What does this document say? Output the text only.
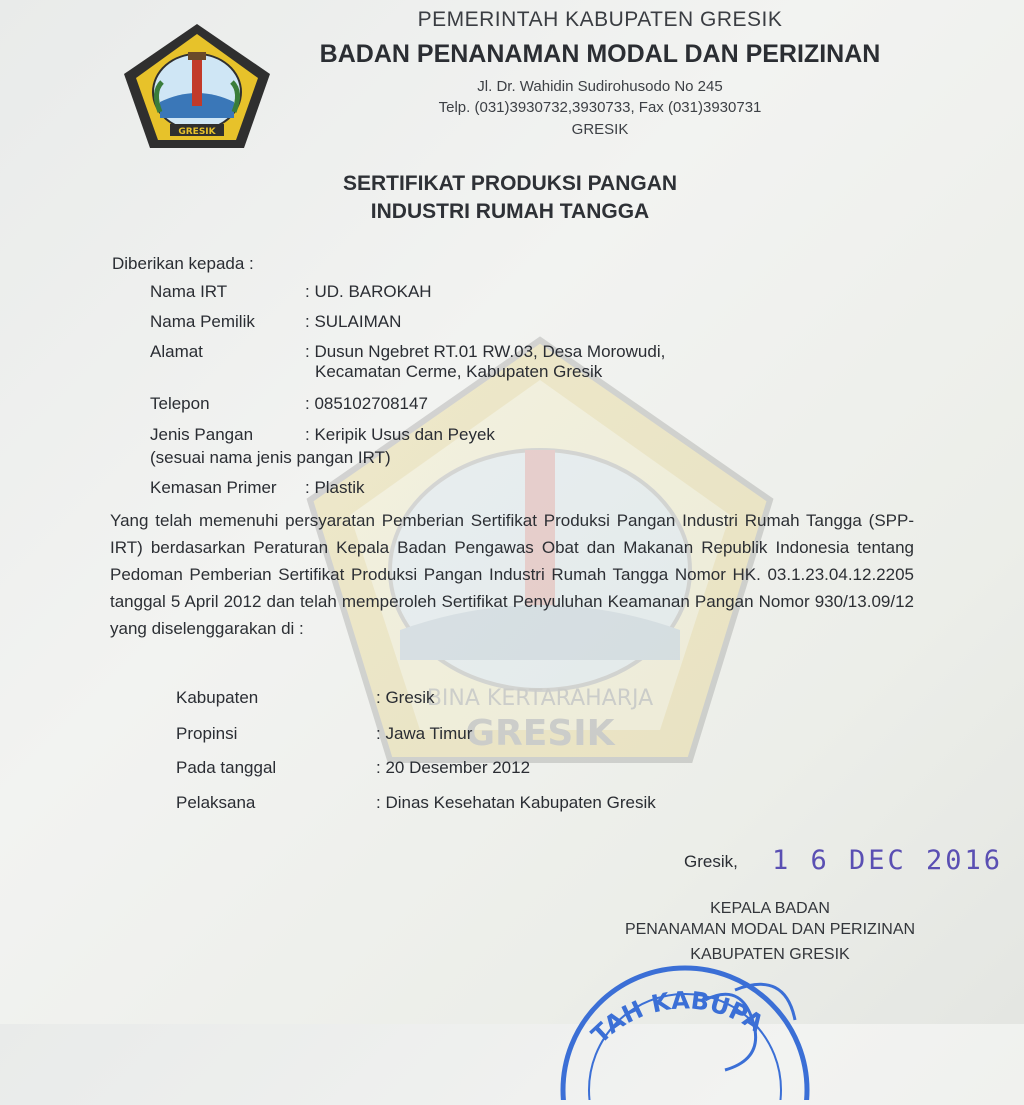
BINA KERTARAHARJA
GRESIK
GRESIK
PEMERINTAH KABUPATEN GRESIK
BADAN PENANAMAN MODAL DAN PERIZINAN
Jl. Dr. Wahidin Sudirohusodo No 245
Telp. (031)3930732,3930733, Fax (031)3930731
GRESIK
SERTIFIKAT PRODUKSI PANGAN
INDUSTRI RUMAH TANGGA
Diberikan kepada :
Nama IRT	: UD. BAROKAH
Nama Pemilik	: SULAIMAN
Alamat	: Dusun Ngebret RT.01 RW.03, Desa Morowudi,
Kecamatan Cerme, Kabupaten Gresik
Telepon	: 085102708147
Jenis Pangan	: Keripik Usus dan Peyek
(sesuai nama jenis pangan IRT)
Kemasan Primer : Plastik
Yang telah memenuhi persyaratan Pemberian Sertifikat Produksi Pangan Industri Rumah Tangga (SPP-IRT) berdasarkan Peraturan Kepala Badan Pengawas Obat dan Makanan Republik Indonesia tentang Pedoman Pemberian Sertifikat Produksi Pangan Industri Rumah Tangga Nomor HK. 03.1.23.04.12.2205 tanggal 5 April 2012 dan telah memperoleh Sertifikat Penyuluhan Keamanan Pangan Nomor 930/13.09/12 yang diselenggarakan di :
Kabupaten	: Gresik
Propinsi	: Jawa Timur
Pada tanggal	: 20 Desember 2012
Pelaksana	: Dinas Kesehatan Kabupaten Gresik
Gresik, 1 6 DEC 2016
KEPALA BADAN
PENANAMAN MODAL DAN PERIZINAN
KABUPATEN GRESIK
TAH KABUPA
